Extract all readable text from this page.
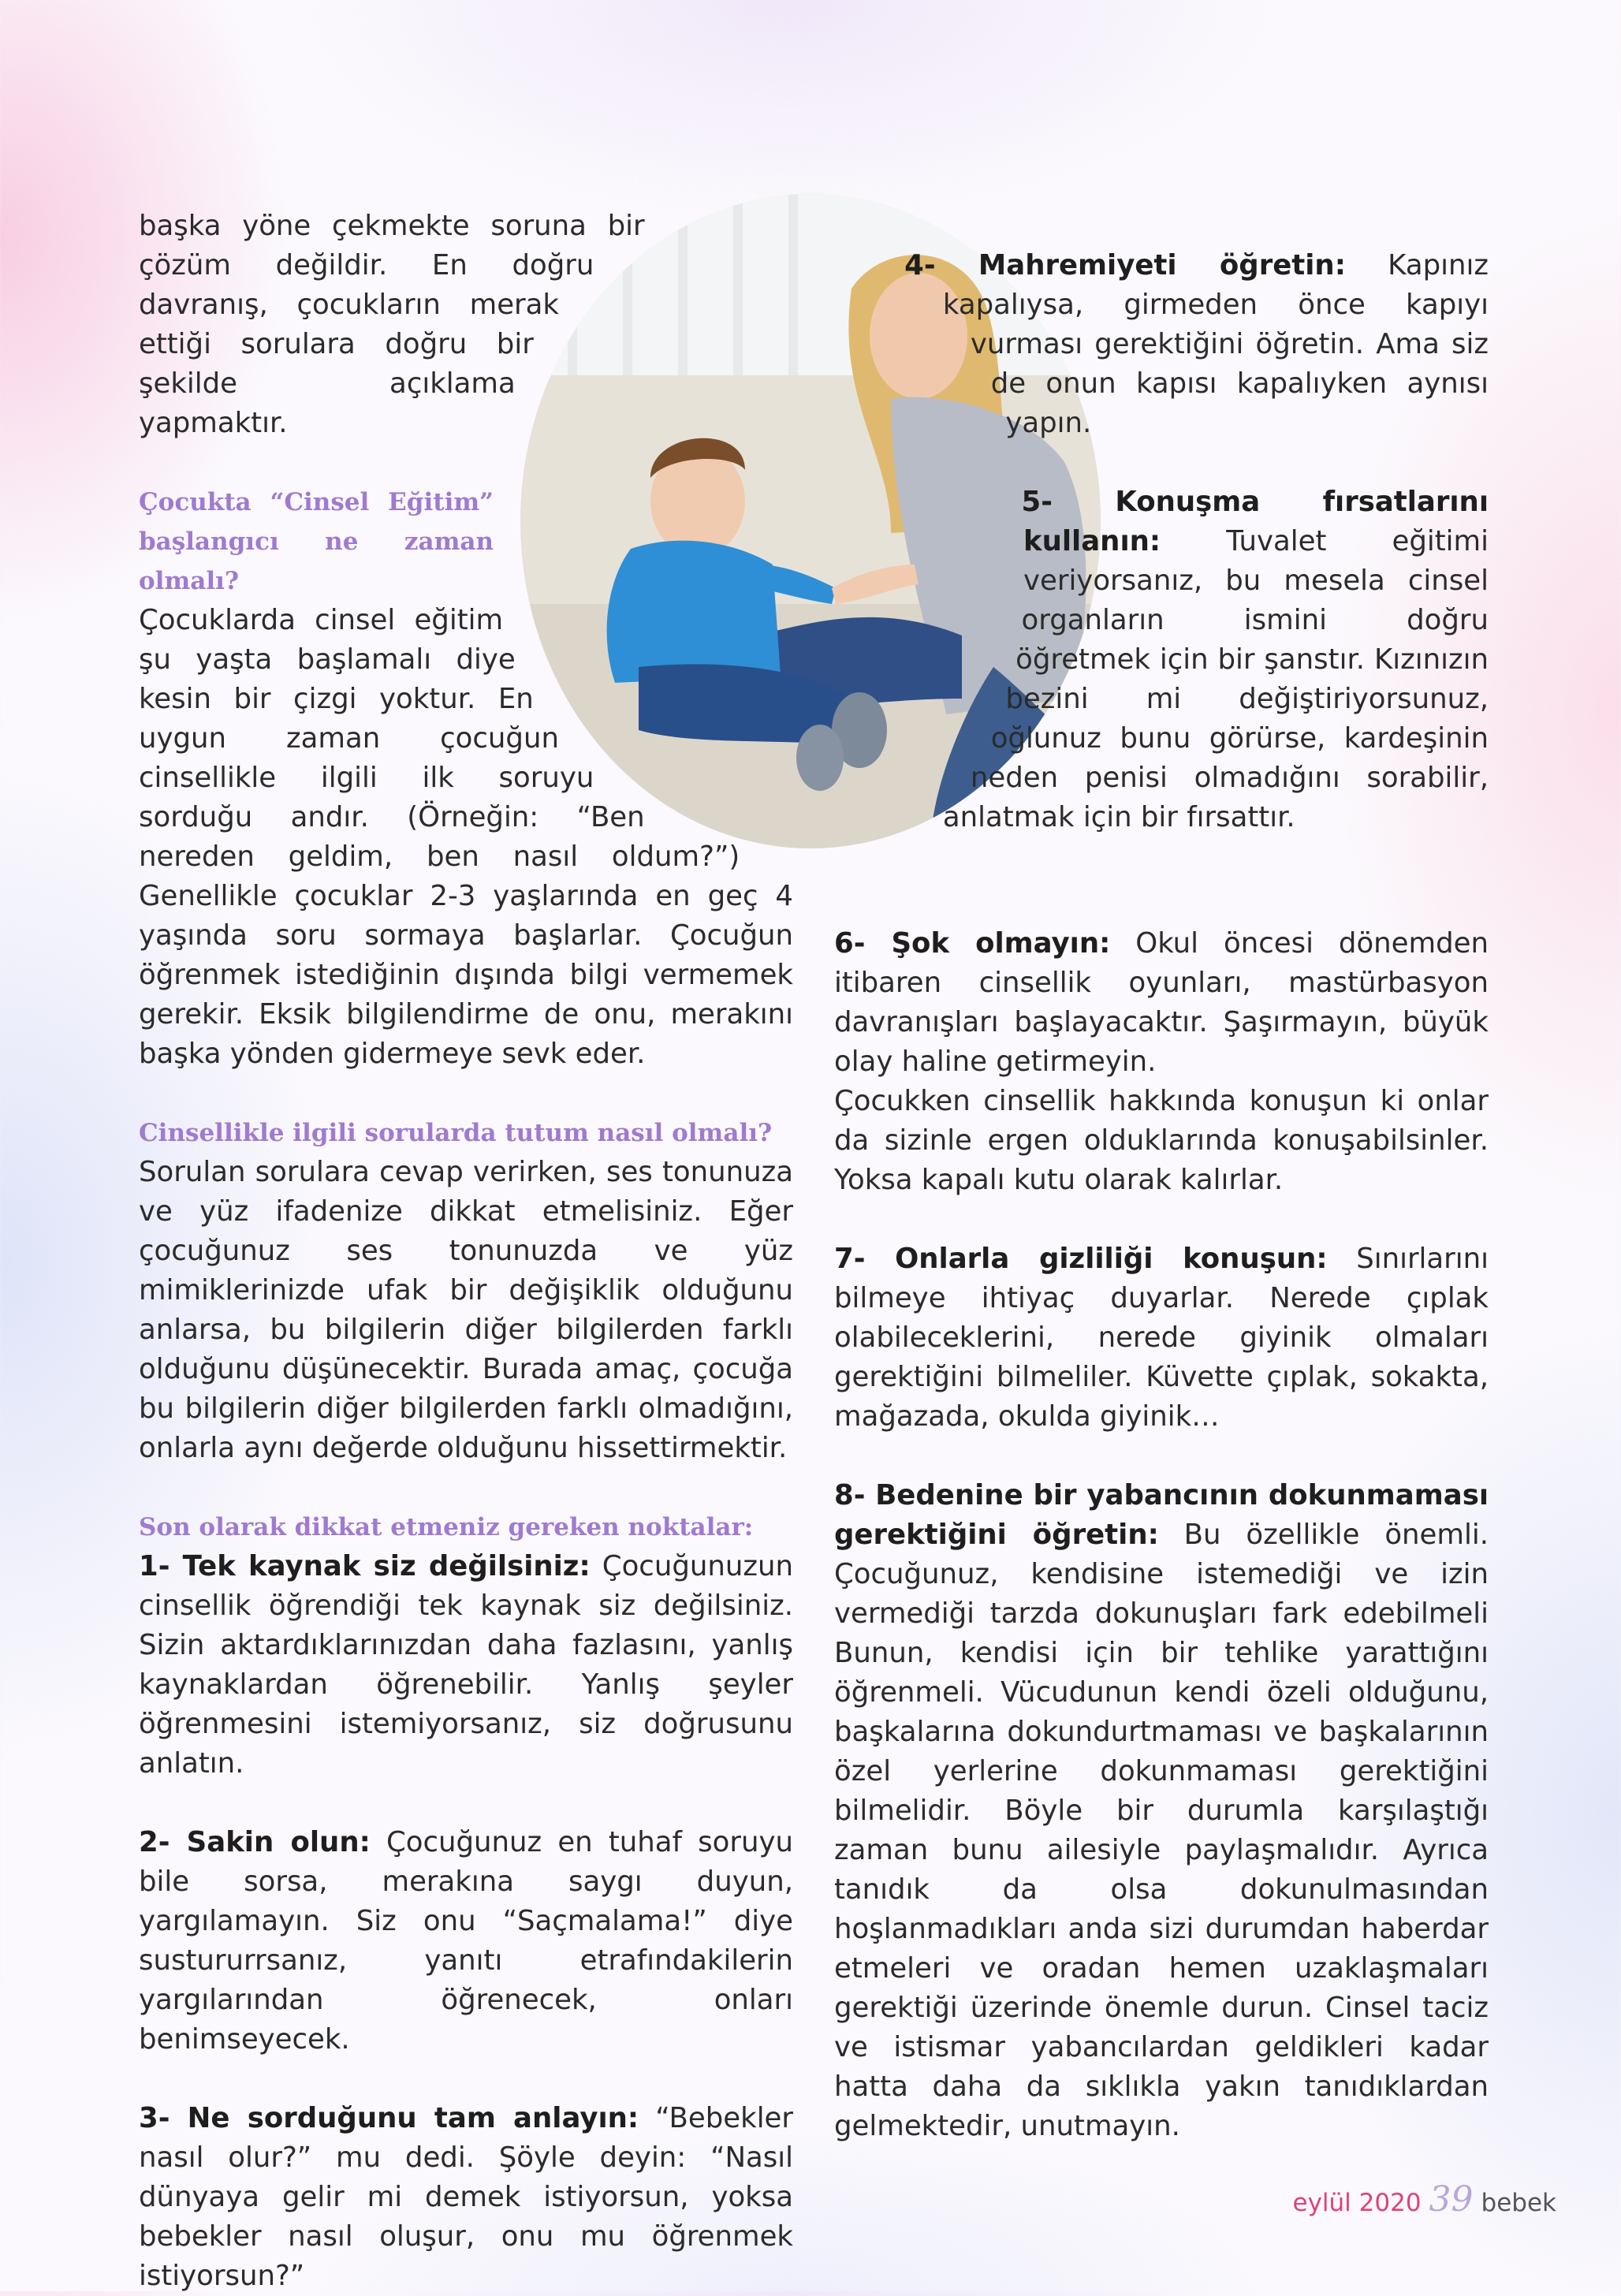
başka yöne çekmekte soruna bir çözüm değildir. En doğru davranış, çocukların merak ettiği sorulara doğru bir şekilde açıklama yapmaktır.

Çocukta “Cinsel Eğitim” başlangıcı ne zaman olmalı?
Çocuklarda cinsel eğitim şu yaşta başlamalı diye kesin bir çizgi yoktur. En uygun zaman çocuğun cinsellikle ilgili ilk soruyu sorduğu andır. (Örneğin: “Ben nereden geldim, ben nasıl oldum?”) Genellikle çocuklar 2-3 yaşlarında en geç 4 yaşında soru sormaya başlarlar. Çocuğun öğrenmek istediğinin dışında bilgi vermemek gerekir. Eksik bilgilendirme de onu, merakını başka yönden gidermeye sevk eder.

Cinsellikle ilgili sorularda tutum nasıl olmalı?
Sorulan sorulara cevap verirken, ses tonunuza ve yüz ifadenize dikkat etmelisiniz. Eğer çocuğunuz ses tonunuzda ve yüz mimiklerinizde ufak bir değişiklik olduğunu anlarsa, bu bilgilerin diğer bilgilerden farklı olduğunu düşünecektir. Burada amaç, çocuğa bu bilgilerin diğer bilgilerden farklı olmadığını, onlarla aynı değerde olduğunu hissettirmektir.

Son olarak dikkat etmeniz gereken noktalar:
1- Tek kaynak siz değilsiniz: Çocuğunuzun cinsellik öğrendiği tek kaynak siz değilsiniz. Sizin aktardıklarınızdan daha fazlasını, yanlış kaynaklardan öğrenebilir. Yanlış şeyler öğrenmesini istemiyorsanız, siz doğrusunu anlatın.

2- Sakin olun: Çocuğunuz en tuhaf soruyu bile sorsa, merakına saygı duyun, yargılamayın. Siz onu “Saçmalama!” diye sustururrsanız, yanıtı etrafındakilerin yargılarından öğrenecek, onları benimseyecek.

3- Ne sorduğunu tam anlayın: “Bebekler nasıl olur?” mu dedi. Şöyle deyin: “Nasıl dünyaya gelir mi demek istiyorsun, yoksa bebekler nasıl oluşur, onu mu öğrenmek istiyorsun?”

4- Mahremiyeti öğretin: Kapınız kapalıysa, girmeden önce kapıyı vurması gerektiğini öğretin. Ama siz de onun kapısı kapalıyken aynısı yapın.

5- Konuşma fırsatlarını kullanın: Tuvalet eğitimi veriyorsanız, bu mesela cinsel organların ismini doğru öğretmek için bir şanstır. Kızınızın bezini mi değiştiriyorsunuz, oğlunuz bunu görürse, kardeşinin neden penisi olmadığını sorabilir, anlatmak için bir fırsattır.

6- Şok olmayın: Okul öncesi dönemden itibaren cinsellik oyunları, mastürbasyon davranışları başlayacaktır. Şaşırmayın, büyük olay haline getirmeyin.
Çocukken cinsellik hakkında konuşun ki onlar da sizinle ergen olduklarında konuşabilsinler. Yoksa kapalı kutu olarak kalırlar.

7- Onlarla gizliliği konuşun: Sınırlarını bilmeye ihtiyaç duyarlar. Nerede çıplak olabileceklerini, nerede giyinik olmaları gerektiğini bilmeliler. Küvette çıplak, sokakta, mağazada, okulda giyinik…

8- Bedenine bir yabancının dokunmaması gerektiğini öğretin: Bu özellikle önemli. Çocuğunuz, kendisine istemediği ve izin vermediği tarzda dokunuşları fark edebilmeli Bunun, kendisi için bir tehlike yarattığını öğrenmeli. Vücudunun kendi özeli olduğunu, başkalarına dokundurtmaması ve başkalarının özel yerlerine dokunmaması gerektiğini bilmelidir. Böyle bir durumla karşılaştığı zaman bunu ailesiyle paylaşmalıdır. Ayrıca tanıdık da olsa dokunulmasından hoşlanmadıkları anda sizi durumdan haberdar etmeleri ve oradan hemen uzaklaşmaları gerektiği üzerinde önemle durun. Cinsel taciz ve istismar yabancılardan geldikleri kadar hatta daha da sıklıkla yakın tanıdıklardan gelmektedir, unutmayın.

eylül 2020 39 bebek
